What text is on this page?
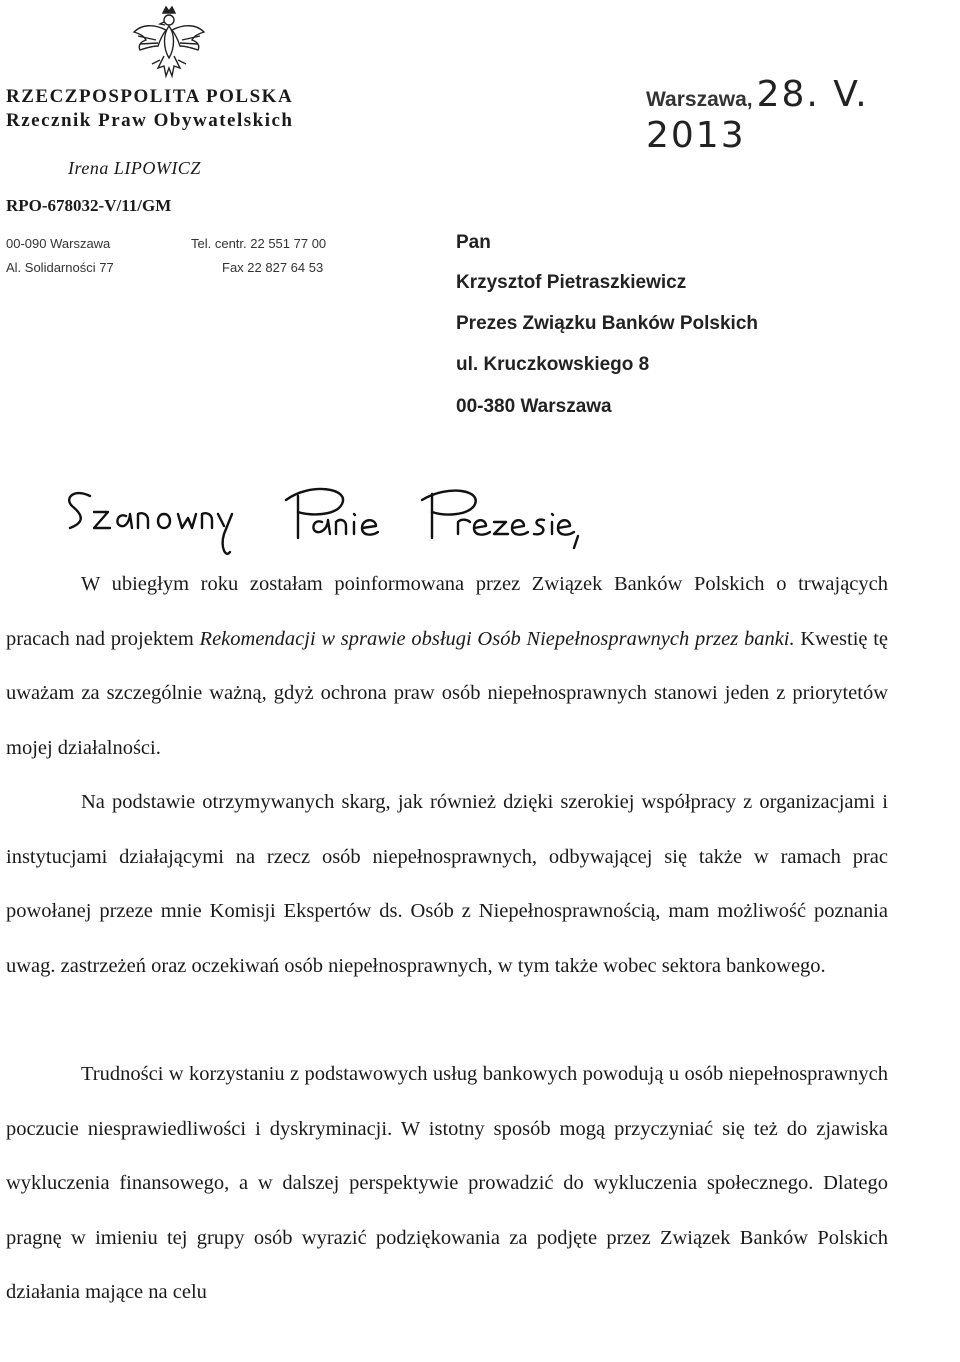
RZECZPOSPOLITA POLSKA
Rzecznik Praw Obywatelskich
Irena LIPOWICZ
RPO-678032-V/11/GM
00-090 Warszawa
Al. Solidarności 77
Tel. centr. 22 551 77 00
Fax 22 827 64 53
Warszawa, 28. V. 2013
Pan
Krzysztof Pietraszkiewicz
Prezes Związku Banków Polskich
ul. Kruczkowskiego 8
00-380 Warszawa

W ubiegłym roku zostałam poinformowana przez Związek Banków Polskich o trwających pracach nad projektem Rekomendacji w sprawie obsługi Osób Niepełnosprawnych przez banki. Kwestię tę uważam za szczególnie ważną, gdyż ochrona praw osób niepełnosprawnych stanowi jeden z priorytetów mojej działalności.

Na podstawie otrzymywanych skarg, jak również dzięki szerokiej współpracy z organizacjami i instytucjami działającymi na rzecz osób niepełnosprawnych, odbywającej się także w ramach prac powołanej przeze mnie Komisji Ekspertów ds. Osób z Niepełnosprawnością, mam możliwość poznania uwag. zastrzeżeń oraz oczekiwań osób niepełnosprawnych, w tym także wobec sektora bankowego.

Trudności w korzystaniu z podstawowych usług bankowych powodują u osób niepełnosprawnych poczucie niesprawiedliwości i dyskryminacji. W istotny sposób mogą przyczyniać się też do zjawiska wykluczenia finansowego, a w dalszej perspektywie prowadzić do wykluczenia społecznego. Dlatego pragnę w imieniu tej grupy osób wyrazić podziękowania za podjęte przez Związek Banków Polskich działania mające na celu
